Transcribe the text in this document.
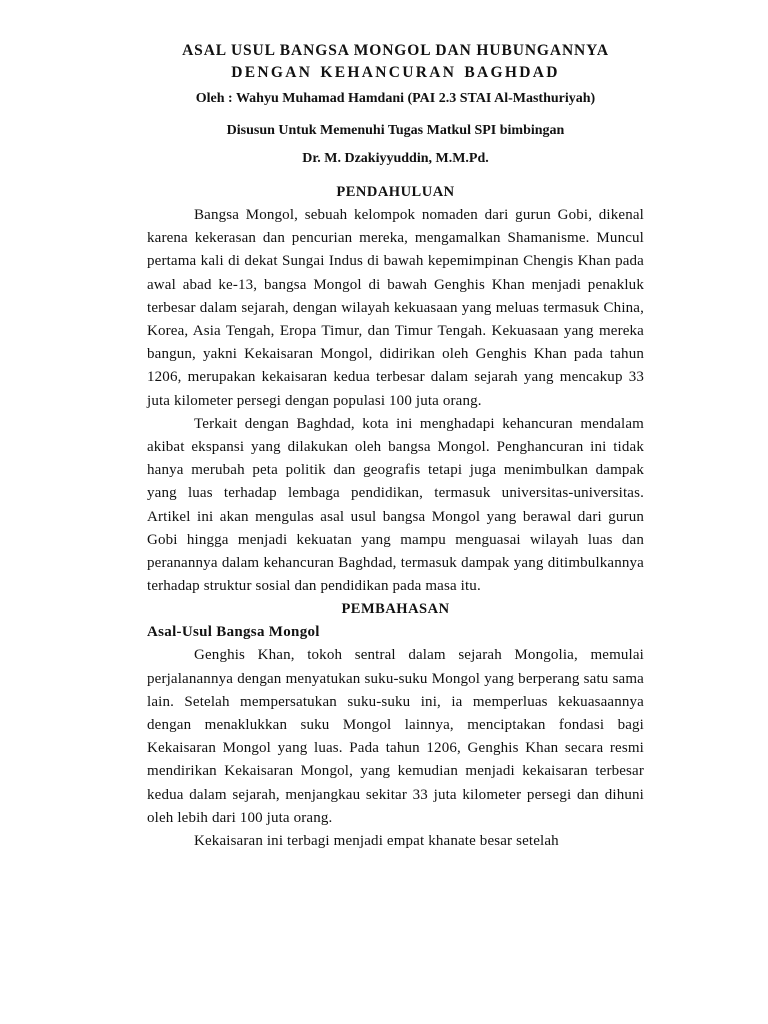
ASAL USUL BANGSA MONGOL DAN HUBUNGANNYA

DENGAN KEHANCURAN BAGHDAD

Oleh : Wahyu Muhamad Hamdani (PAI 2.3 STAI Al-Masthuriyah)

Disusun Untuk Memenuhi Tugas Matkul SPI bimbingan

Dr. M. Dzakiyyuddin, M.M.Pd.

PENDAHULUAN

Bangsa Mongol, sebuah kelompok nomaden dari gurun Gobi, dikenal karena kekerasan dan pencurian mereka, mengamalkan Shamanisme. Muncul pertama kali di dekat Sungai Indus di bawah kepemimpinan Chengis Khan pada awal abad ke-13, bangsa Mongol di bawah Genghis Khan menjadi penakluk terbesar dalam sejarah, dengan wilayah kekuasaan yang meluas termasuk China, Korea, Asia Tengah, Eropa Timur, dan Timur Tengah. Kekuasaan yang mereka bangun, yakni Kekaisaran Mongol, didirikan oleh Genghis Khan pada tahun 1206, merupakan kekaisaran kedua terbesar dalam sejarah yang mencakup 33 juta kilometer persegi dengan populasi 100 juta orang.

Terkait dengan Baghdad, kota ini menghadapi kehancuran mendalam akibat ekspansi yang dilakukan oleh bangsa Mongol. Penghancuran ini tidak hanya merubah peta politik dan geografis tetapi juga menimbulkan dampak yang luas terhadap lembaga pendidikan, termasuk universitas-universitas. Artikel ini akan mengulas asal usul bangsa Mongol yang berawal dari gurun Gobi hingga menjadi kekuatan yang mampu menguasai wilayah luas dan peranannya dalam kehancuran Baghdad, termasuk dampak yang ditimbulkannya terhadap struktur sosial dan pendidikan pada masa itu.

PEMBAHASAN

Asal-Usul Bangsa Mongol

Genghis Khan, tokoh sentral dalam sejarah Mongolia, memulai perjalanannya dengan menyatukan suku-suku Mongol yang berperang satu sama lain. Setelah mempersatukan suku-suku ini, ia memperluas kekuasaannya dengan menaklukkan suku Mongol lainnya, menciptakan fondasi bagi Kekaisaran Mongol yang luas. Pada tahun 1206, Genghis Khan secara resmi mendirikan Kekaisaran Mongol, yang kemudian menjadi kekaisaran terbesar kedua dalam sejarah, menjangkau sekitar 33 juta kilometer persegi dan dihuni oleh lebih dari 100 juta orang.

Kekaisaran ini terbagi menjadi empat khanate besar setelah
